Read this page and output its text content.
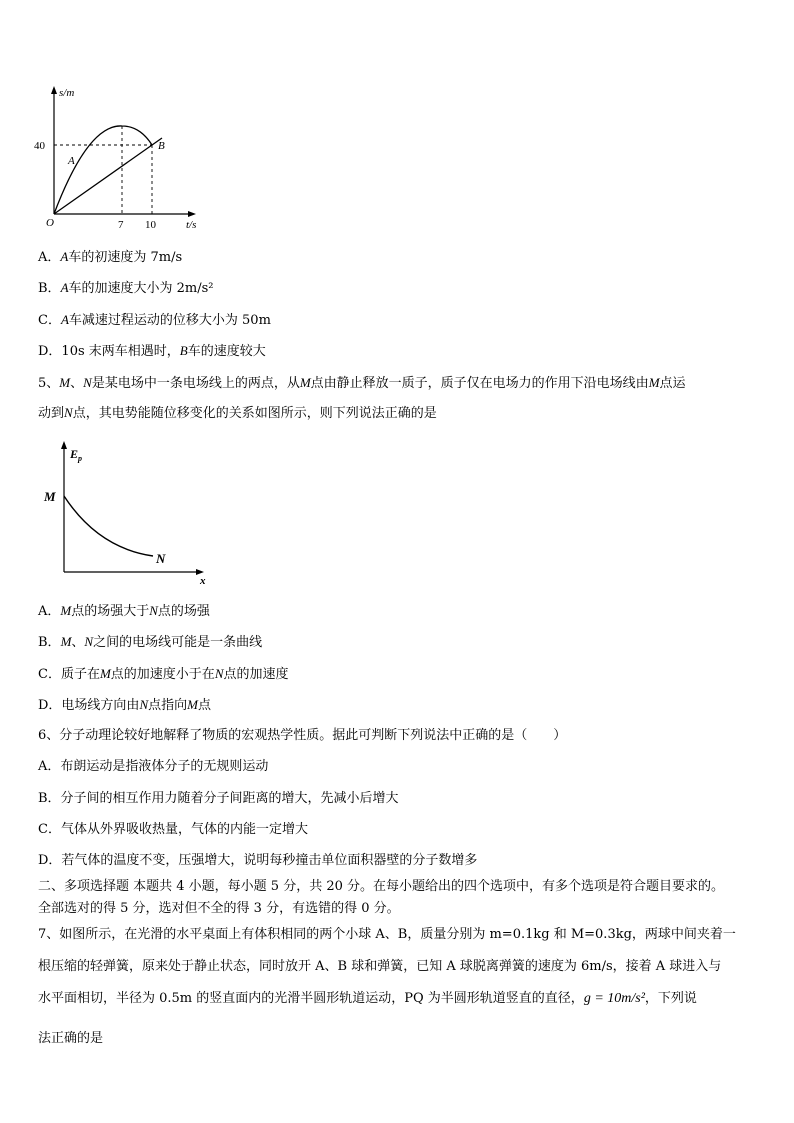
s/m
t/s
O
40
7 10
A
B
A．A车的初速度为 7m/s
B．A车的加速度大小为 2m/s²
C．A车减速过程运动的位移大小为 50m
D．10s 末两车相遇时，B车的速度较大
5、M、N是某电场中一条电场线上的两点，从M点由静止释放一质子，质子仅在电场力的作用下沿电场线由M点运
动到N点，其电势能随位移变化的关系如图所示，则下列说法正确的是
$E_p$
x
M
N
A．M点的场强大于N点的场强
B．M、N之间的电场线可能是一条曲线
C．质子在M点的加速度小于在N点的加速度
D．电场线方向由N点指向M点
6、分子动理论较好地解释了物质的宏观热学性质。据此可判断下列说法中正确的是（　　）
A．布朗运动是指液体分子的无规则运动
B．分子间的相互作用力随着分子间距离的增大，先减小后增大
C．气体从外界吸收热量，气体的内能一定增大
D．若气体的温度不变，压强增大，说明每秒撞击单位面积器壁的分子数增多
二、多项选择题 本题共 4 小题，每小题 5 分，共 20 分。在每小题给出的四个选项中，有多个选项是符合题目要求的。
全部选对的得 5 分，选对但不全的得 3 分，有选错的得 0 分。
7、如图所示，在光滑的水平桌面上有体积相同的两个小球 A、B，质量分别为 m=0.1kg 和 M=0.3kg，两球中间夹着一
根压缩的轻弹簧，原来处于静止状态，同时放开 A、B 球和弹簧，已知 A 球脱离弹簧的速度为 6m/s，接着 A 球进入与
水平面相切，半径为 0.5m 的竖直面内的光滑半圆形轨道运动，PQ 为半圆形轨道竖直的直径，g = 10m/s²，下列说
法正确的是
